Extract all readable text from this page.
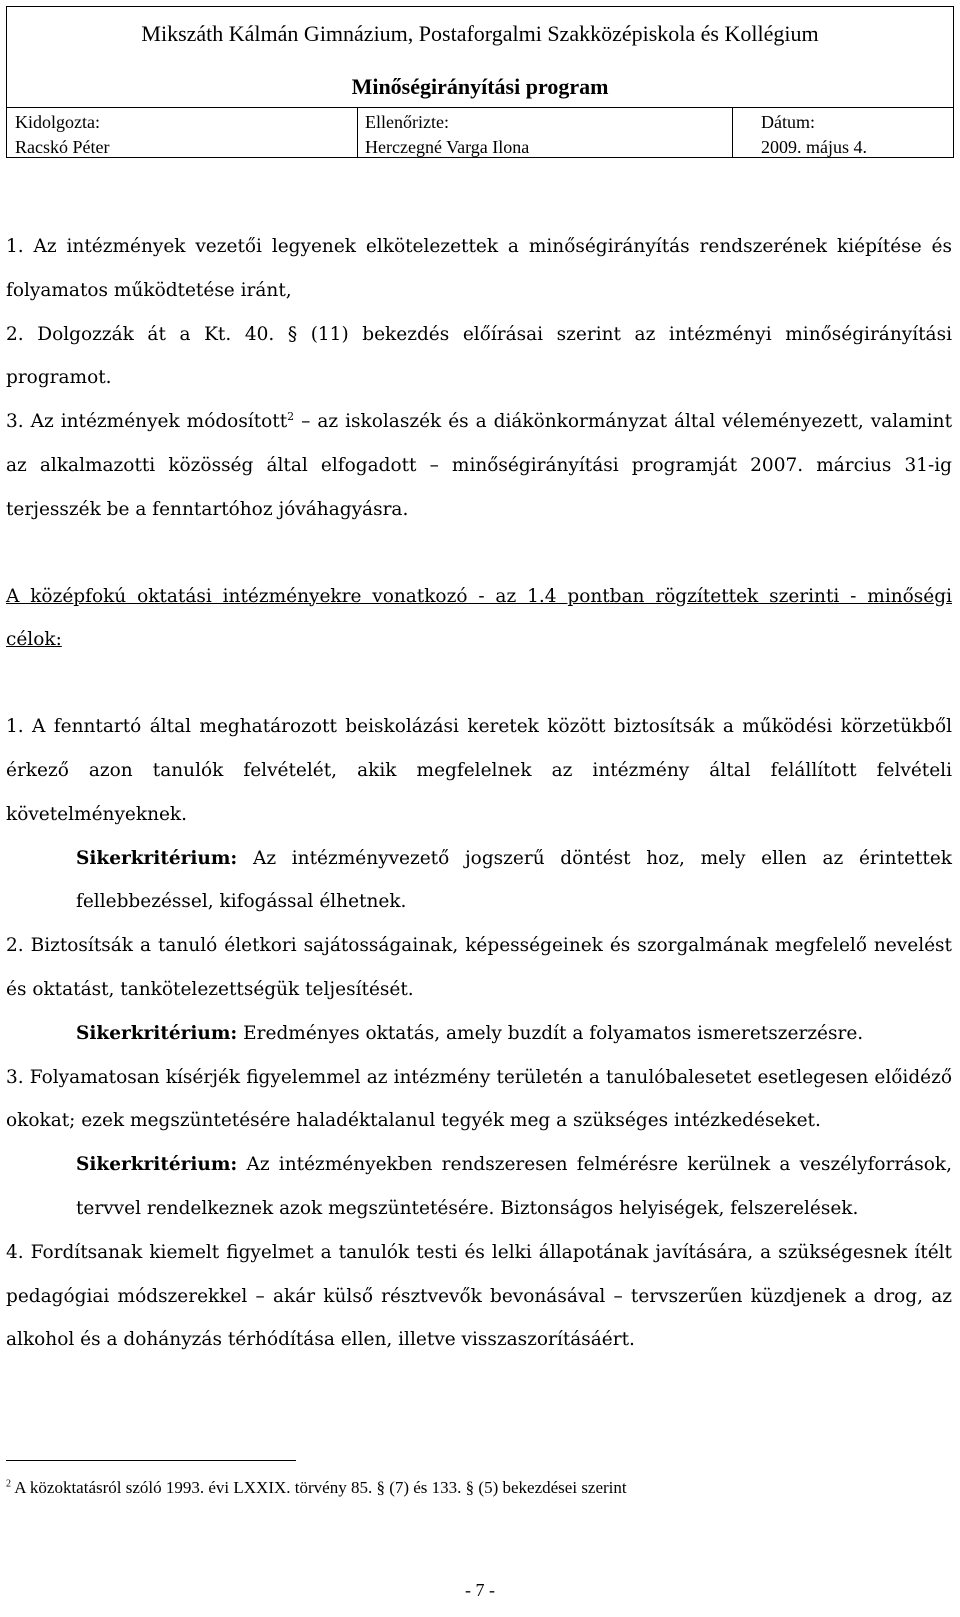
Mikszáth Kálmán Gimnázium, Postaforgalmi Szakközépiskola és Kollégium
Minőségirányítási program
Kidolgozta:
Racskó Péter
Ellenőrizte:
Herczegné Varga Ilona
Dátum:
2009. május 4.

1. Az intézmények vezetői legyenek elkötelezettek a minőségirányítás rendszerének kiépítése és folyamatos működtetése iránt,

2. Dolgozzák át a Kt. 40. § (11) bekezdés előírásai szerint az intézményi minőségirányítási programot.

3. Az intézmények módosított$^2$ – az iskolaszék és a diákönkormányzat által véleményezett, valamint az alkalmazotti közösség által elfogadott – minőségirányítási programját 2007. március 31-ig terjesszék be a fenntartóhoz jóváhagyásra.

A középfokú oktatási intézményekre vonatkozó - az 1.4 pontban rögzítettek szerinti - minőségi célok:

1. A fenntartó által meghatározott beiskolázási keretek között biztosítsák a működési körzetükből érkező azon tanulók felvételét, akik megfelelnek az intézmény által felállított felvételi követelményeknek.

Sikerkritérium: Az intézményvezető jogszerű döntést hoz, mely ellen az érintettek fellebbezéssel, kifogással élhetnek.

2. Biztosítsák a tanuló életkori sajátosságainak, képességeinek és szorgalmának megfelelő nevelést és oktatást, tankötelezettségük teljesítését.

Sikerkritérium: Eredményes oktatás, amely buzdít a folyamatos ismeretszerzésre.

3. Folyamatosan kísérjék figyelemmel az intézmény területén a tanulóbalesetet esetlegesen előidéző okokat; ezek megszüntetésére haladéktalanul tegyék meg a szükséges intézkedéseket.

Sikerkritérium: Az intézményekben rendszeresen felmérésre kerülnek a veszélyforrások, tervvel rendelkeznek azok megszüntetésére. Biztonságos helyiségek, felszerelések.

4. Fordítsanak kiemelt figyelmet a tanulók testi és lelki állapotának javítására, a szükségesnek ítélt pedagógiai módszerekkel – akár külső résztvevők bevonásával – tervszerűen küzdjenek a drog, az alkohol és a dohányzás térhódítása ellen, illetve visszaszorításáért.

$^2$ A közoktatásról szóló 1993. évi LXXIX. törvény 85. § (7) és 133. § (5) bekezdései szerint
- 7 -
